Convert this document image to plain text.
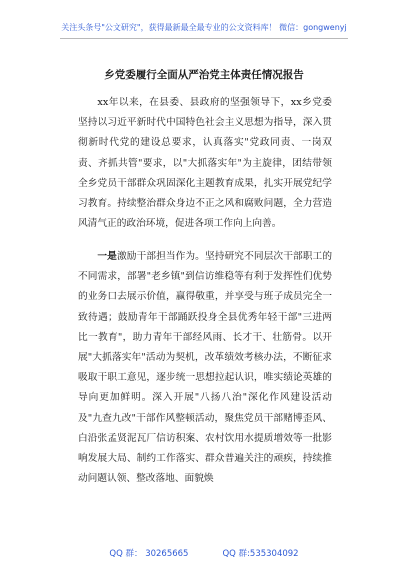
关注头条号"公文研究"，获得最新最全最专业的公文资料库！ 微信：gongwenyj
乡党委履行全面从严治党主体责任情况报告

xx年以来，在县委、县政府的坚强领导下，xx乡党委坚持以习近平新时代中国特色社会主义思想为指导，深入贯彻新时代党的建设总要求，认真落实"党政同责、一岗双责、齐抓共管"要求，以"大抓落实年"为主旋律，团结带领全乡党员干部群众巩固深化主题教育成果，扎实开展党纪学习教育。持续整治群众身边不正之风和腐败问题，全力营造风清气正的政治环境，促进各项工作向上向善。

一是激励干部担当作为。坚持研究不同层次干部职工的不同需求，部署"老乡镇"到信访维稳等有利于发挥性们优势的业务口去展示价值，赢得敬重，并享受与班子成员完全一致待遇；鼓励青年干部踊跃投身全县优秀年轻干部"三进两比一教育"，助力青年干部经风雨、长才干、壮筋骨。以开展"大抓落实年"活动为契机，改革绩效考核办法，不断征求吸取干职工意见，逐步统一思想拉起认识，唯实绩论英雄的导向更加鲜明。深入开展"八扬八治"深化作风建设活动及"九查九改"干部作风整顿活动，聚焦党员干部赌博歪风、白沿张孟贤泥瓦厂信访积案、农村饮用水提质增效等一批影响发展大局、制约工作落实、群众普遍关注的顽疾，持续推动问题认领、整改落地、面貌焕

QQ 群： 30265665	QQ 群:535304092
